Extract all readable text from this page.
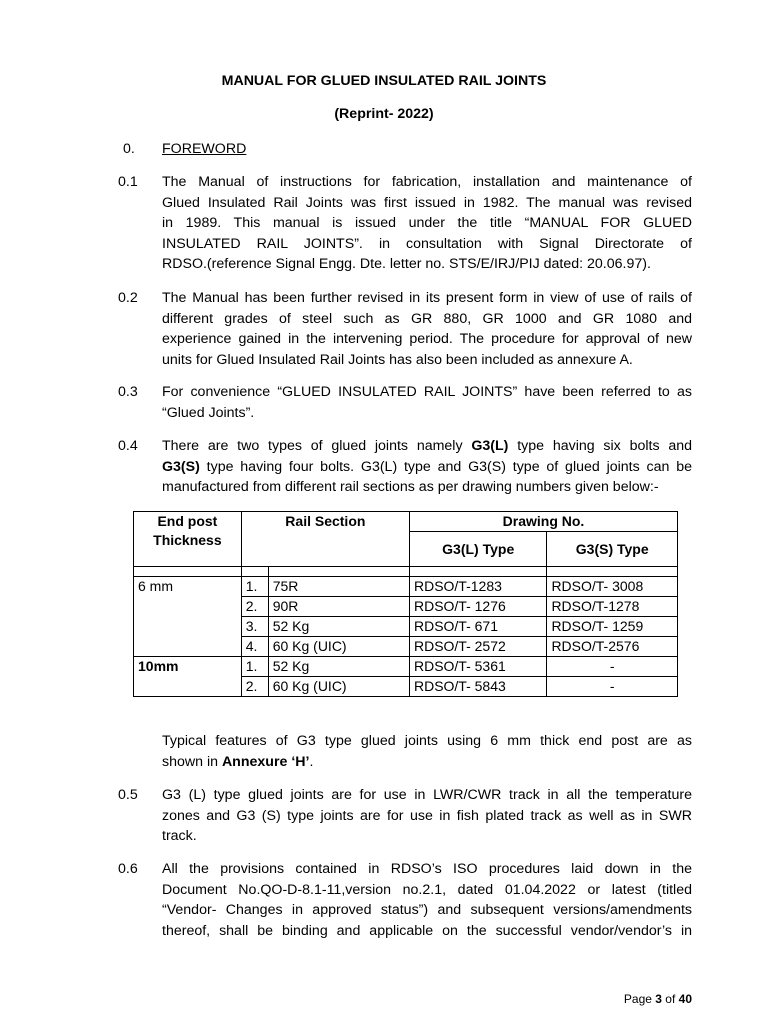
MANUAL FOR GLUED INSULATED RAIL JOINTS
(Reprint- 2022)
0. FOREWORD
0.1 The Manual of instructions for fabrication, installation and maintenance of
Glued Insulated Rail Joints was first issued in 1982. The manual was revised
in 1989. This manual is issued under the title “MANUAL FOR GLUED
INSULATED RAIL JOINTS”. in consultation with Signal Directorate of
RDSO.(reference Signal Engg. Dte. letter no. STS/E/IRJ/PIJ dated: 20.06.97).
0.2 The Manual has been further revised in its present form in view of use of rails of
different grades of steel such as GR 880, GR 1000 and GR 1080 and
experience gained in the intervening period. The procedure for approval of new
units for Glued Insulated Rail Joints has also been included as annexure A.
0.3 For convenience “GLUED INSULATED RAIL JOINTS” have been referred to as
“Glued Joints”.
0.4 There are two types of glued joints namely G3(L) type having six bolts and
G3(S) type having four bolts. G3(L) type and G3(S) type of glued joints can be
manufactured from different rail sections as per drawing numbers given below:-
End post
Thickness	Rail Section		Drawing No.	
			G3(L) Type	G3(S) Type

6 mm	1.	75R	RDSO/T-1283	RDSO/T- 3008
	2.	90R	RDSO/T- 1276	RDSO/T-1278
	3.	52 Kg	RDSO/T- 671	RDSO/T- 1259
	4.	60 Kg (UIC)	RDSO/T- 2572	RDSO/T-2576
10mm	1.	52 Kg	RDSO/T- 5361	-
	2.	60 Kg (UIC)	RDSO/T- 5843	-
Typical features of G3 type glued joints using 6 mm thick end post are as
shown in Annexure ‘H’.
0.5 G3 (L) type glued joints are for use in LWR/CWR track in all the temperature
zones and G3 (S) type joints are for use in fish plated track as well as in SWR
track.
0.6 All the provisions contained in RDSO’s ISO procedures laid down in the
Document No.QO-D-8.1-11,version no.2.1, dated 01.04.2022 or latest (titled
“Vendor- Changes in approved status”) and subsequent versions/amendments
thereof, shall be binding and applicable on the successful vendor/vendor’s in
Page 3 of 40
